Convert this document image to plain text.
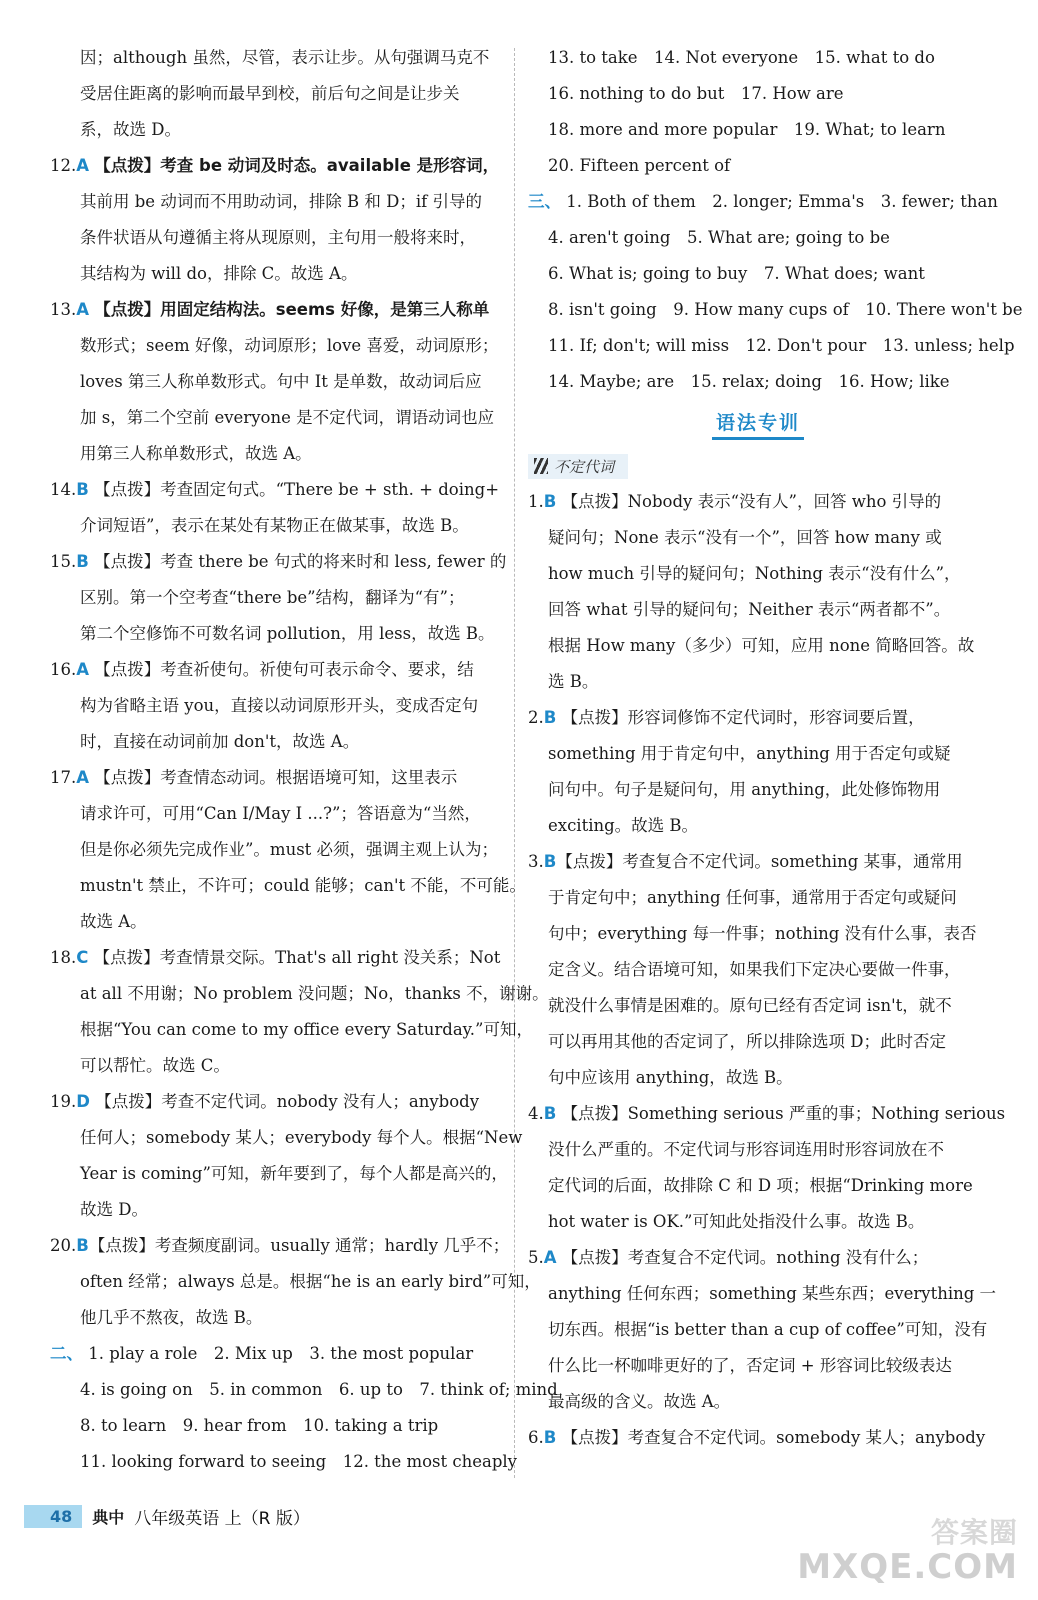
因；although 虽然，尽管，表示让步。从句强调马克不
受居住距离的影响而最早到校，前后句之间是让步关
系，故选 D。
12.A 【点拨】考查 be 动词及时态。available 是形容词，
其前用 be 动词而不用助动词，排除 B 和 D；if 引导的
条件状语从句遵循主将从现原则，主句用一般将来时，
其结构为 will do，排除 C。故选 A。
13.A 【点拨】用固定结构法。seems 好像，是第三人称单
数形式；seem 好像，动词原形；love 喜爱，动词原形；
loves 第三人称单数形式。句中 It 是单数，故动词后应
加 s，第二个空前 everyone 是不定代词，谓语动词也应
用第三人称单数形式，故选 A。
14.B 【点拨】考查固定句式。“There be + sth. + doing+
介词短语”，表示在某处有某物正在做某事，故选 B。
15.B 【点拨】考查 there be 句式的将来时和 less, fewer 的
区别。第一个空考查“there be”结构，翻译为“有”；
第二个空修饰不可数名词 pollution，用 less，故选 B。
16.A 【点拨】考查祈使句。祈使句可表示命令、要求，结
构为省略主语 you，直接以动词原形开头，变成否定句
时，直接在动词前加 don't，故选 A。
17.A 【点拨】考查情态动词。根据语境可知，这里表示
请求许可，可用“Can I/May I ...?”；答语意为“当然，
但是你必须先完成作业”。must 必须，强调主观上认为；
mustn't 禁止，不许可；could 能够；can't 不能，不可能。
故选 A。
18.C 【点拨】考查情景交际。That's all right 没关系；Not
at all 不用谢；No problem 没问题；No，thanks 不，谢谢。
根据“You can come to my office every Saturday.”可知，
可以帮忙。故选 C。
19.D 【点拨】考查不定代词。nobody 没有人；anybody
任何人；somebody 某人；everybody 每个人。根据“New
Year is coming”可知，新年要到了，每个人都是高兴的，
故选 D。
20.B【点拨】考查频度副词。usually 通常；hardly 几乎不；
often 经常；always 总是。根据“he is an early bird”可知，
他几乎不熬夜，故选 B。
二、 1. play a role　2. Mix up　3. the most popular
4. is going on　5. in common　6. up to　7. think of; mind
8. to learn　9. hear from　10. taking a trip
11. looking forward to seeing　12. the most cheaply
13. to take　14. Not everyone　15. what to do
16. nothing to do but　17. How are
18. more and more popular　19. What; to learn
20. Fifteen percent of
三、 1. Both of them　2. longer; Emma's　3. fewer; than
4. aren't going　5. What are; going to be
6. What is; going to buy　7. What does; want
8. isn't going　9. How many cups of　10. There won't be
11. If; don't; will miss　12. Don't pour　13. unless; help
14. Maybe; are　15. relax; doing　16. How; like
语法专训
不定代词
1.B 【点拨】Nobody 表示“没有人”，回答 who 引导的
疑问句；None 表示“没有一个”，回答 how many 或
how much 引导的疑问句；Nothing 表示“没有什么”，
回答 what 引导的疑问句；Neither 表示“两者都不”。
根据 How many（多少）可知，应用 none 简略回答。故
选 B。
2.B 【点拨】形容词修饰不定代词时，形容词要后置，
something 用于肯定句中，anything 用于否定句或疑
问句中。句子是疑问句，用 anything，此处修饰物用
exciting。故选 B。
3.B【点拨】考查复合不定代词。something 某事，通常用
于肯定句中；anything 任何事，通常用于否定句或疑问
句中；everything 每一件事；nothing 没有什么事，表否
定含义。结合语境可知，如果我们下定决心要做一件事，
就没什么事情是困难的。原句已经有否定词 isn't，就不
可以再用其他的否定词了，所以排除选项 D；此时否定
句中应该用 anything，故选 B。
4.B 【点拨】Something serious 严重的事；Nothing serious
没什么严重的。不定代词与形容词连用时形容词放在不
定代词的后面，故排除 C 和 D 项；根据“Drinking more
hot water is OK.”可知此处指没什么事。故选 B。
5.A 【点拨】考查复合不定代词。nothing 没有什么；
anything 任何东西；something 某些东西；everything 一
切东西。根据“is better than a cup of coffee”可知，没有
什么比一杯咖啡更好的了，否定词 + 形容词比较级表达
最高级的含义。故选 A。
6.B 【点拨】考查复合不定代词。somebody 某人；anybody
48	典中 八年级英语 上（R 版）	答案圈
MXQE.COM
